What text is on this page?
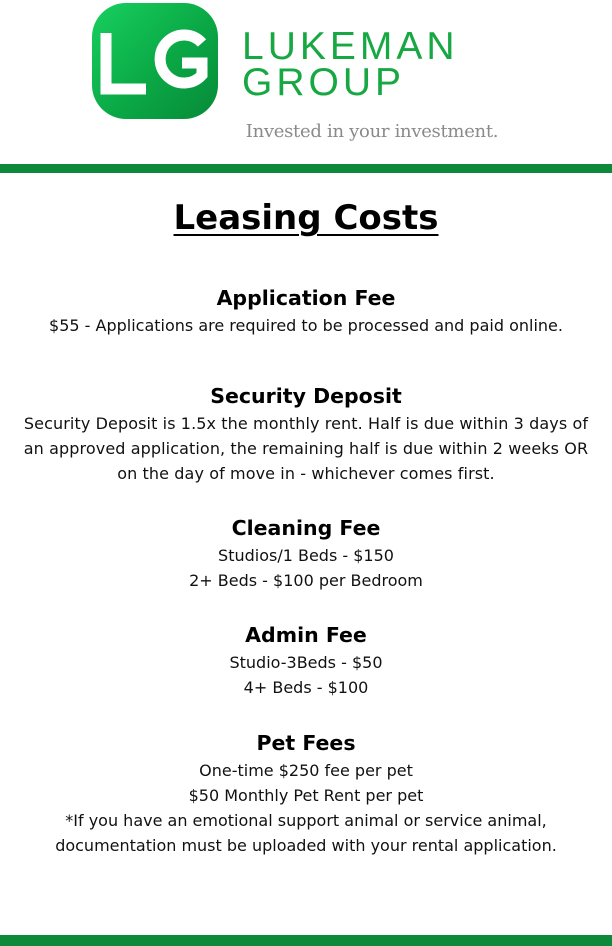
LUKEMAN
GROUP
Invested in your investment.
Leasing Costs
Application Fee

$55 - Applications are required to be processed and paid online.

Security Deposit

Security Deposit is 1.5x the monthly rent. Half is due within 3 days of

an approved application, the remaining half is due within 2 weeks OR

on the day of move in - whichever comes first.

Cleaning Fee

Studios/1 Beds - $150

2+ Beds - $100 per Bedroom

Admin Fee

Studio-3Beds - $50

4+ Beds - $100

Pet Fees

One-time $250 fee per pet

$50 Monthly Pet Rent per pet

*If you have an emotional support animal or service animal,

documentation must be uploaded with your rental application.
